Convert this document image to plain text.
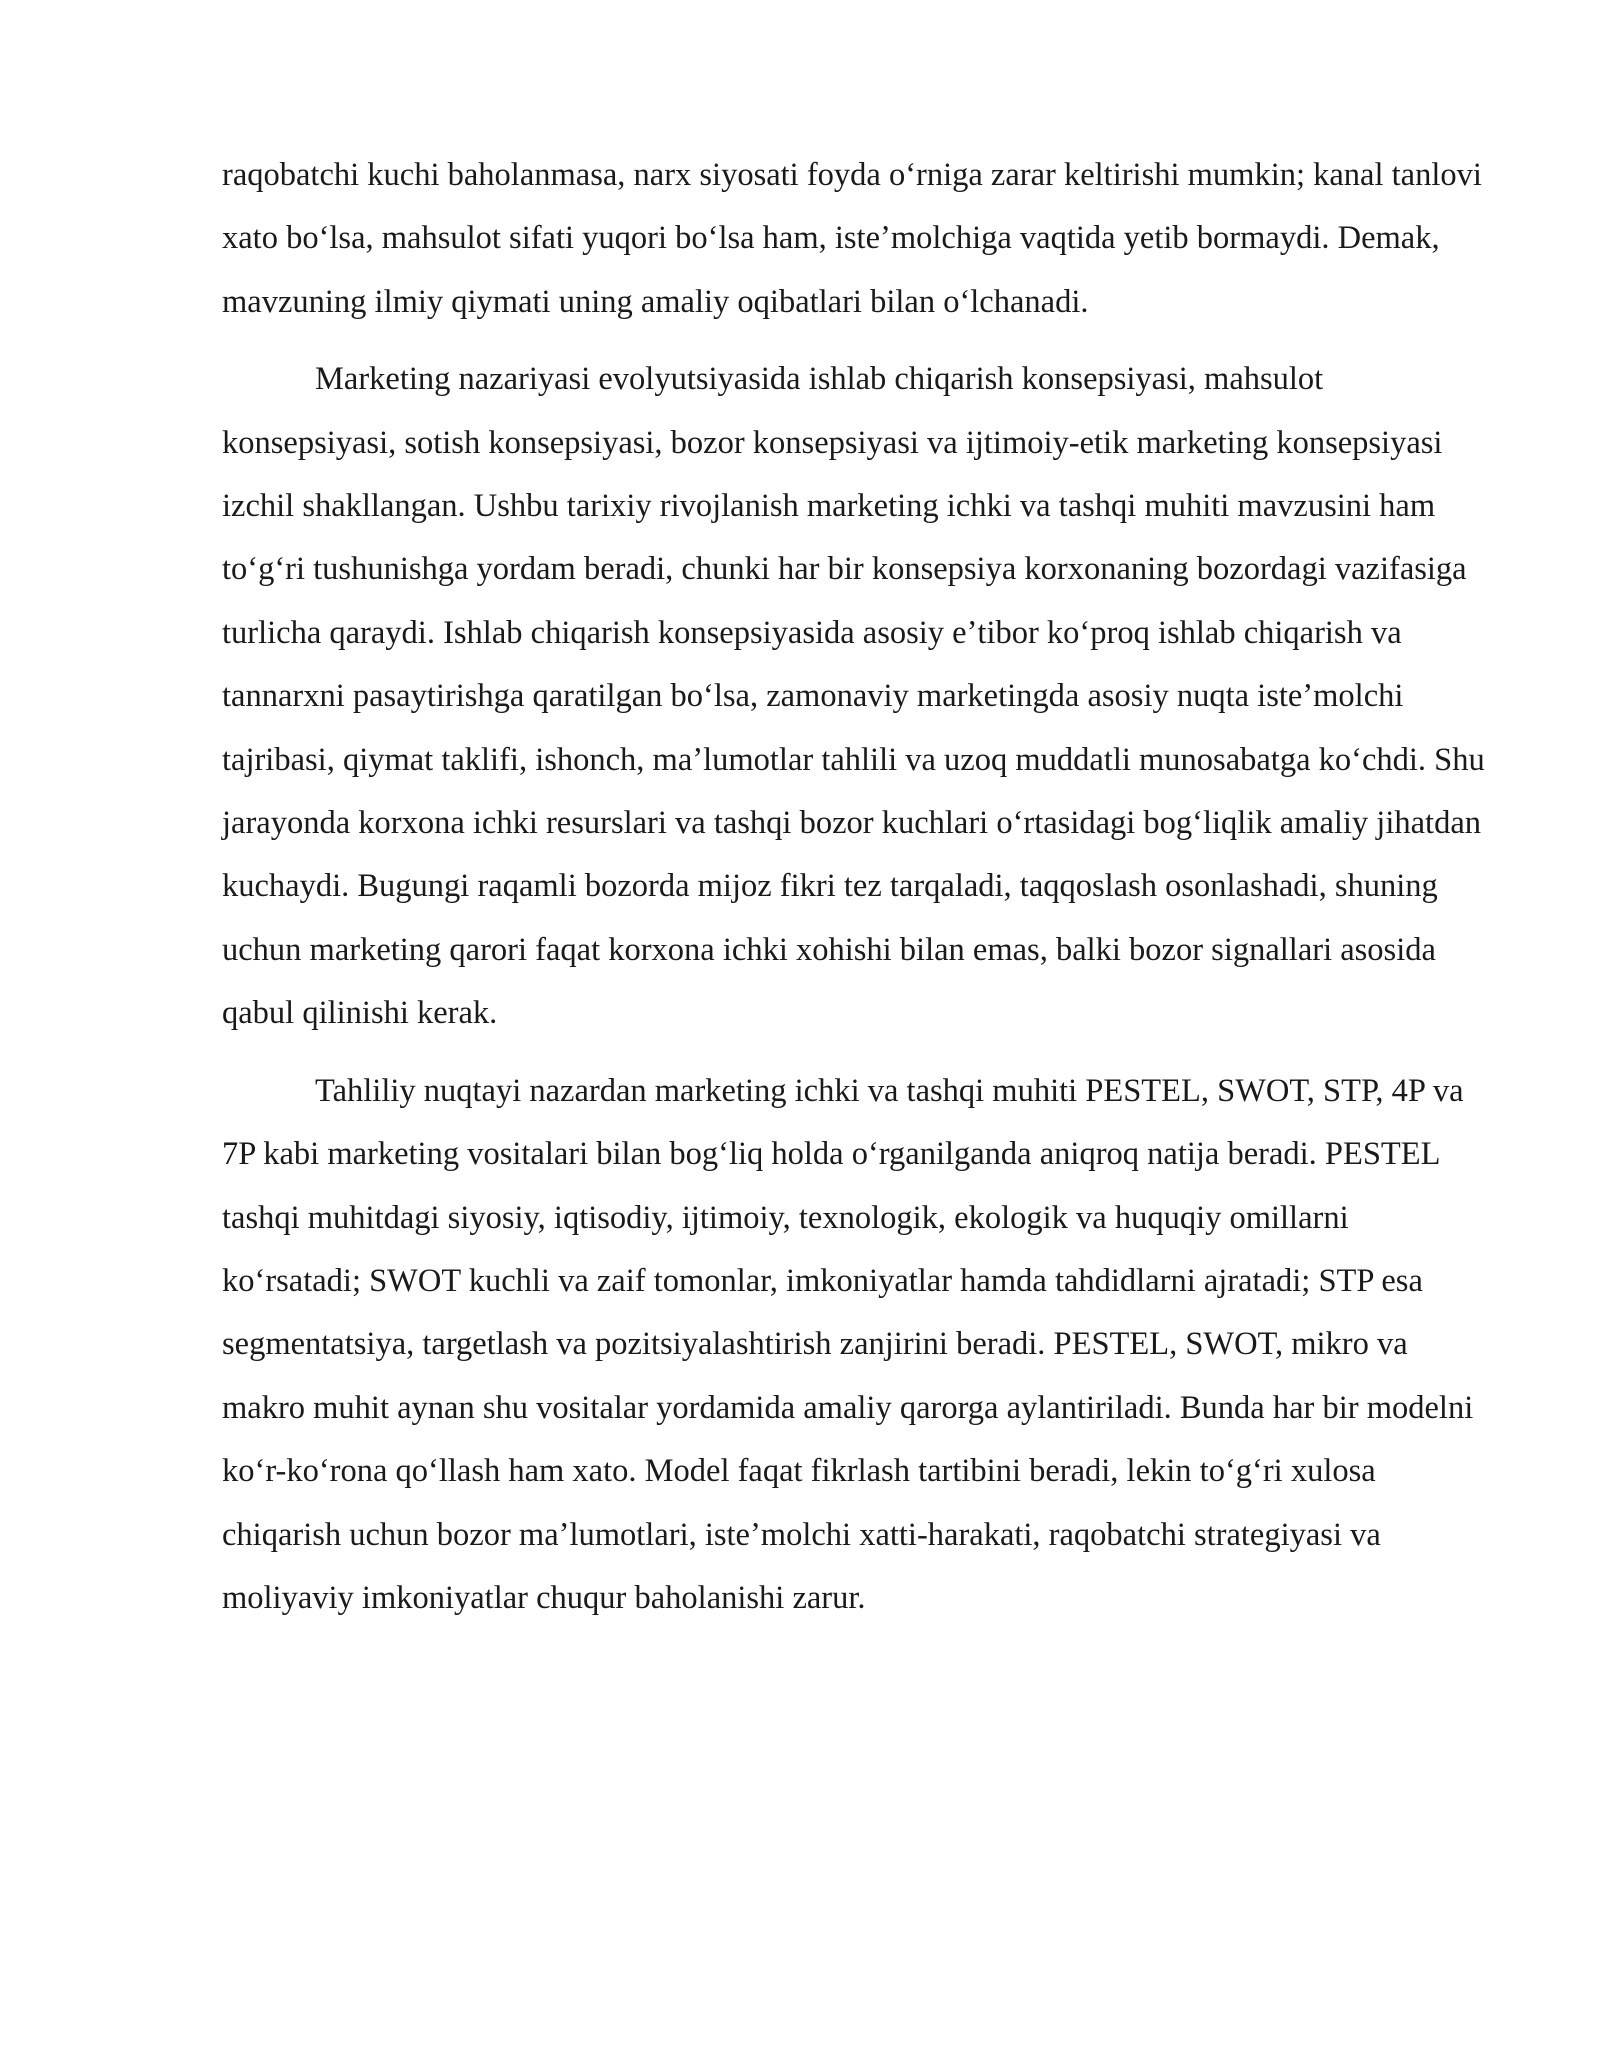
raqobatchi kuchi baholanmasa, narx siyosati foyda oʻrniga zarar keltirishi mumkin; kanal tanlovi xato boʻlsa, mahsulot sifati yuqori boʻlsa ham, isteʼmolchiga vaqtida yetib bormaydi. Demak, mavzuning ilmiy qiymati uning amaliy oqibatlari bilan oʻlchanadi.

Marketing nazariyasi evolyutsiyasida ishlab chiqarish konsepsiyasi, mahsulot konsepsiyasi, sotish konsepsiyasi, bozor konsepsiyasi va ijtimoiy-etik marketing konsepsiyasi izchil shakllangan. Ushbu tarixiy rivojlanish marketing ichki va tashqi muhiti mavzusini ham toʻgʻri tushunishga yordam beradi, chunki har bir konsepsiya korxonaning bozordagi vazifasiga turlicha qaraydi. Ishlab chiqarish konsepsiyasida asosiy eʼtibor koʻproq ishlab chiqarish va tannarxni pasaytirishga qaratilgan boʻlsa, zamonaviy marketingda asosiy nuqta isteʼmolchi tajribasi, qiymat taklifi, ishonch, maʼlumotlar tahlili va uzoq muddatli munosabatga koʻchdi. Shu jarayonda korxona ichki resurslari va tashqi bozor kuchlari oʻrtasidagi bogʻliqlik amaliy jihatdan kuchaydi. Bugungi raqamli bozorda mijoz fikri tez tarqaladi, taqqoslash osonlashadi, shuning uchun marketing qarori faqat korxona ichki xohishi bilan emas, balki bozor signallari asosida qabul qilinishi kerak.

Tahliliy nuqtayi nazardan marketing ichki va tashqi muhiti PESTEL, SWOT, STP, 4P va 7P kabi marketing vositalari bilan bogʻliq holda oʻrganilganda aniqroq natija beradi. PESTEL tashqi muhitdagi siyosiy, iqtisodiy, ijtimoiy, texnologik, ekologik va huquqiy omillarni koʻrsatadi; SWOT kuchli va zaif tomonlar, imkoniyatlar hamda tahdidlarni ajratadi; STP esa segmentatsiya, targetlash va pozitsiyalashtirish zanjirini beradi. PESTEL, SWOT, mikro va makro muhit aynan shu vositalar yordamida amaliy qarorga aylantiriladi. Bunda har bir modelni koʻr-koʻrona qoʻllash ham xato. Model faqat fikrlash tartibini beradi, lekin toʻgʻri xulosa chiqarish uchun bozor maʼlumotlari, isteʼmolchi xatti-harakati, raqobatchi strategiyasi va moliyaviy imkoniyatlar chuqur baholanishi zarur.
